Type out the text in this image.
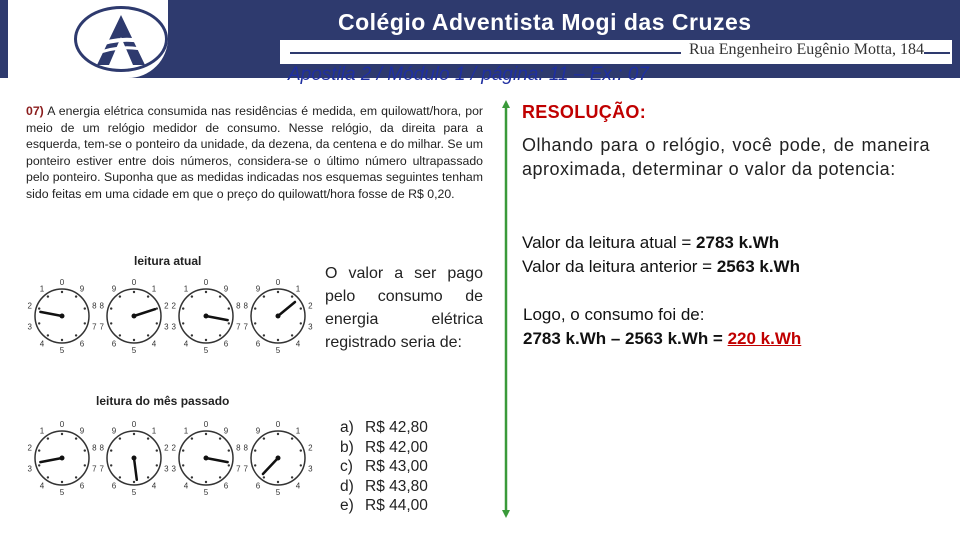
Colégio Adventista Mogi das Cruzes
Rua Engenheiro Eugênio Motta, 184
Apostila 2 / Módulo 1 / página: 11 – Ex.: 07
07) A energia elétrica consumida nas residências é medida, em quilowatt/hora, por meio de um relógio medidor de consumo. Nesse relógio, da direita para a esquerda, tem-se o ponteiro da unidade, da dezena, da centena e do milhar. Se um ponteiro estiver entre dois números, considera-se o último número ultrapassado pelo ponteiro. Suponha que as medidas indicadas nos esquemas seguintes tenham sido feitas em uma cidade em que o preço do quilowatt/hora fosse de R$ 0,20.
leitura atual
0
1
2
3
4
5
6
7
8
9
0
1
2
3
4
5
6
7
8
9
0
1
2
3
4
5
6
7
8
9
0
1
2
3
4
5
6
7
8
9
leitura do mês passado
0
1
2
3
4
5
6
7
8
9
0
1
2
3
4
5
6
7
8
9
0
1
2
3
4
5
6
7
8
9
0
1
2
3
4
5
6
7
8
9
O valor a ser pago pelo consumo de energia elétrica registrado seria de:
a) R$ 42,80
b) R$ 42,00
c) R$ 43,00
d) R$ 43,80
e) R$ 44,00
RESOLUÇÃO:
Olhando para o relógio, você pode, de maneira aproximada, determinar o valor da potencia:
Valor da leitura atual = 2783 k.Wh
Valor da leitura anterior = 2563 k.Wh
Logo, o consumo foi de:
2783 k.Wh – 2563 k.Wh = 220 k.Wh
